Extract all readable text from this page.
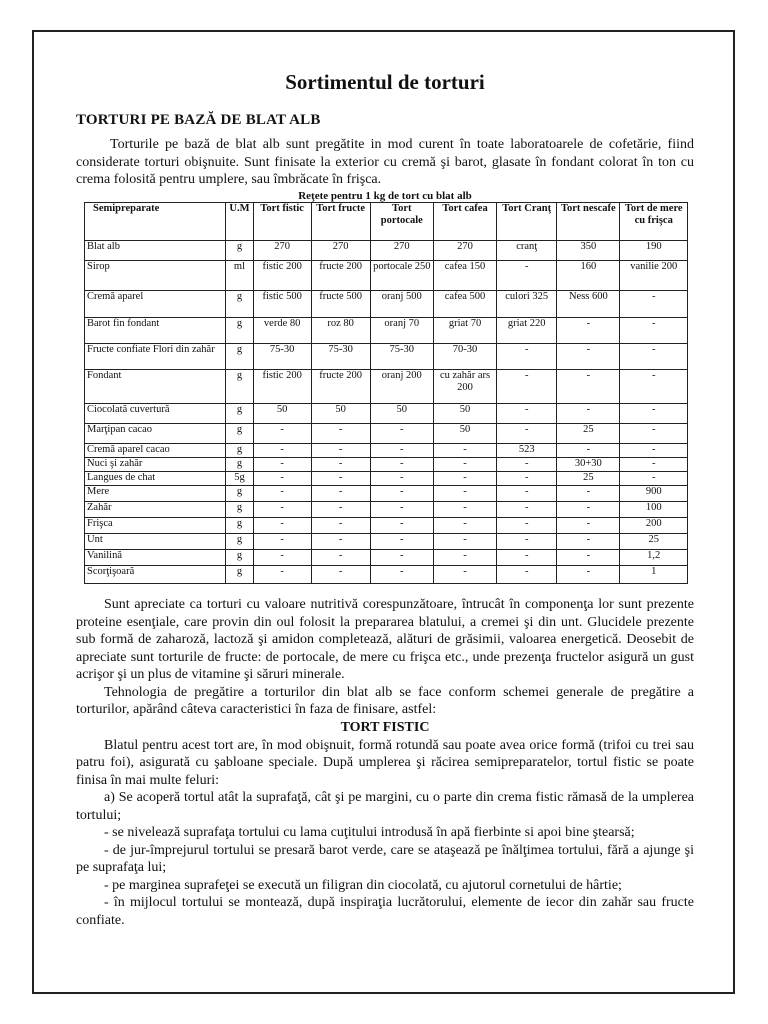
Sortimentul de torturi
TORTURI PE BAZĂ DE BLAT ALB

Torturile pe bază de blat alb sunt pregătite in mod curent în toate laboratoarele de cofetărie, fiind considerate torturi obişnuite. Sunt finisate la exterior cu cremă şi barot, glasate în fondant colorat în ton cu crema folosită pentru umplere, sau îmbrăcate în frişca.

Reţete pentru 1 kg de tort cu blat alb
Semipreparate	U.M	Tort fistic	Tort fructe	Tort portocale	Tort cafea	Tort Cranţ	Tort nescafe	Tort de mere cu frişca
Blat alb	g	270	270	270	270	cranţ	350	190
Sirop	ml	fistic 200	fructe 200	portocale 250	cafea 150	-	160	vanilie 200
Cremă aparel	g	fistic 500	fructe 500	oranj 500	cafea 500	culori 325	Ness 600	-
Barot fin fondant	g	verde 80	roz 80	oranj 70	griat 70	griat 220	-	-
Fructe confiate Flori din zahăr	g	75-30	75-30	75-30	70-30	-	-	-
Fondant	g	fistic 200	fructe 200	oranj 200	cu zahăr ars 200	-	-	-
Ciocolată cuvertură	g	50	50	50	50	-	-	-
Marţipan cacao	g	-	-	-	50	-	25	-
Cremă aparel cacao	g	-	-	-	-	523	-	-
Nuci şi zahăr	g	-	-	-	-	-	30+30	-
Langues de chat	5g	-	-	-	-	-	25	-
Mere	g	-	-	-	-	-	-	900
Zahăr	g	-	-	-	-	-	-	100
Frişca	g	-	-	-	-	-	-	200
Unt	g	-	-	-	-	-	-	25
Vanilină	g	-	-	-	-	-	-	1,2
Scorţişoară	g	-	-	-	-	-	-	1

Sunt apreciate ca torturi cu valoare nutritivă corespunzătoare, întrucât în componenţa lor sunt prezente proteine esenţiale, care provin din oul folosit la prepararea blatului, a cremei şi din unt. Glucidele prezente sub formă de zaharoză, lactoză şi amidon completează, alături de grăsimii, valoarea energetică. Deosebit de apreciate sunt torturile de fructe: de portocale, de mere cu frişca etc., unde prezenţa fructelor asigură un gust acrişor şi un plus de vitamine şi săruri minerale.

Tehnologia de pregătire a torturilor din blat alb se face conform schemei generale de pregătire a torturilor, apărând câteva caracteristici în faza de finisare, astfel:

TORT FISTIC

Blatul pentru acest tort are, în mod obişnuit, formă rotundă sau poate avea orice formă (trifoi cu trei sau patru foi), asigurată cu şabloane speciale. După umplerea şi răcirea semipreparatelor, tortul fistic se poate finisa în mai multe feluri:

a) Se acoperă tortul atât la suprafaţă, cât şi pe margini, cu o parte din crema fistic rămasă de la umplerea tortului;

- se nivelează suprafaţa tortului cu lama cuţitului introdusă în apă fierbinte si apoi bine ştearsă;

- de jur-împrejurul tortului se presară barot verde, care se ataşează pe înălţimea tortului, fără a ajunge şi pe suprafaţa lui;

- pe marginea suprafeţei se execută un filigran din ciocolată, cu ajutorul cornetului de hârtie;

- în mijlocul tortului se montează, după inspiraţia lucrătorului, elemente de iecor din zahăr sau fructe confiate.
